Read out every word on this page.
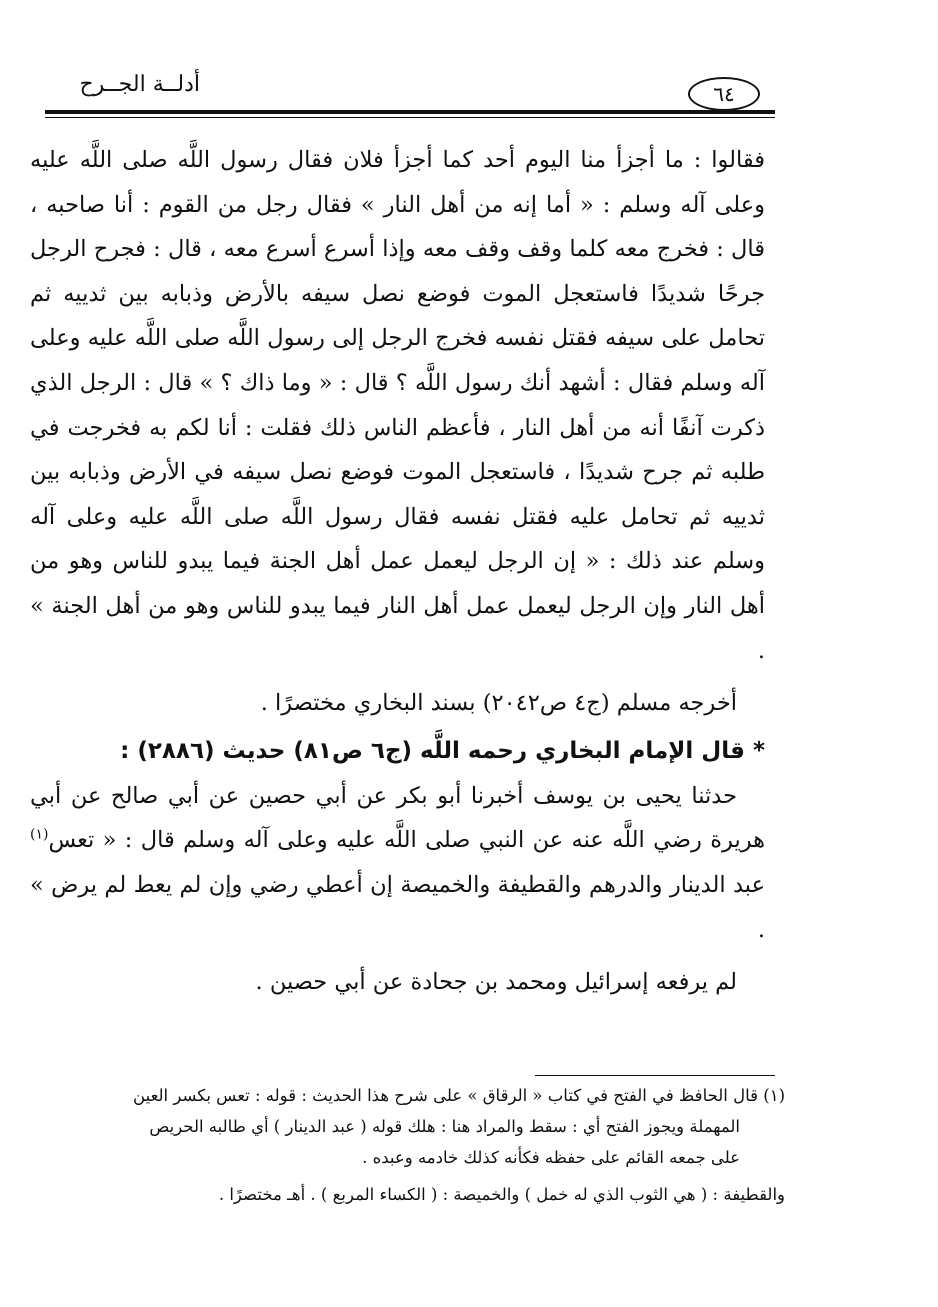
أدلــة الجــرح	٦٤

فقالوا : ما أجزأ منا اليوم أحد كما أجزأ فلان فقال رسول اللَّه صلى اللَّه عليه وعلى آله وسلم : « أما إنه من أهل النار » فقال رجل من القوم : أنا صاحبه ، قال : فخرج معه كلما وقف وقف معه وإذا أسرع أسرع معه ، قال : فجرح الرجل جرحًا شديدًا فاستعجل الموت فوضع نصل سيفه بالأرض وذبابه بين ثدييه ثم تحامل على سيفه فقتل نفسه فخرج الرجل إلى رسول اللَّه صلى اللَّه عليه وعلى آله وسلم فقال : أشهد أنك رسول اللَّه ؟ قال : « وما ذاك ؟ » قال : الرجل الذي ذكرت آنفًا أنه من أهل النار ، فأعظم الناس ذلك فقلت : أنا لكم به فخرجت في طلبه ثم جرح شديدًا ، فاستعجل الموت فوضع نصل سيفه في الأرض وذبابه بين ثدييه ثم تحامل عليه فقتل نفسه فقال رسول اللَّه صلى اللَّه عليه وعلى آله وسلم عند ذلك : « إن الرجل ليعمل عمل أهل الجنة فيما يبدو للناس وهو من أهل النار وإن الرجل ليعمل عمل أهل النار فيما يبدو للناس وهو من أهل الجنة » .

أخرجه مسلم (ج٤ ص٢٠٤٢) بسند البخاري مختصرًا .

* قال الإمام البخاري رحمه اللَّه (ج٦ ص٨١) حديث (٢٨٨٦) :

حدثنا يحيى بن يوسف أخبرنا أبو بكر عن أبي حصين عن أبي صالح عن أبي هريرة رضي اللَّه عنه عن النبي صلى اللَّه عليه وعلى آله وسلم قال : « تعس$^{(١)}$ عبد الدينار والدرهم والقطيفة والخميصة إن أعطي رضي وإن لم يعط لم يرض » .

لم يرفعه إسرائيل ومحمد بن جحادة عن أبي حصين .

(١) قال الحافظ في الفتح في كتاب « الرقاق » على شرح هذا الحديث : قوله : تعس بكسر العين

المهملة ويجوز الفتح أي : سقط والمراد هنا : هلك قوله ( عبد الدينار ) أي طالبه الحريص

على جمعه القائم على حفظه فكأنه كذلك خادمه وعبده .

والقطيفة : ( هي الثوب الذي له خمل ) والخميصة : ( الكساء المربع ) . أهـ مختصرًا .
